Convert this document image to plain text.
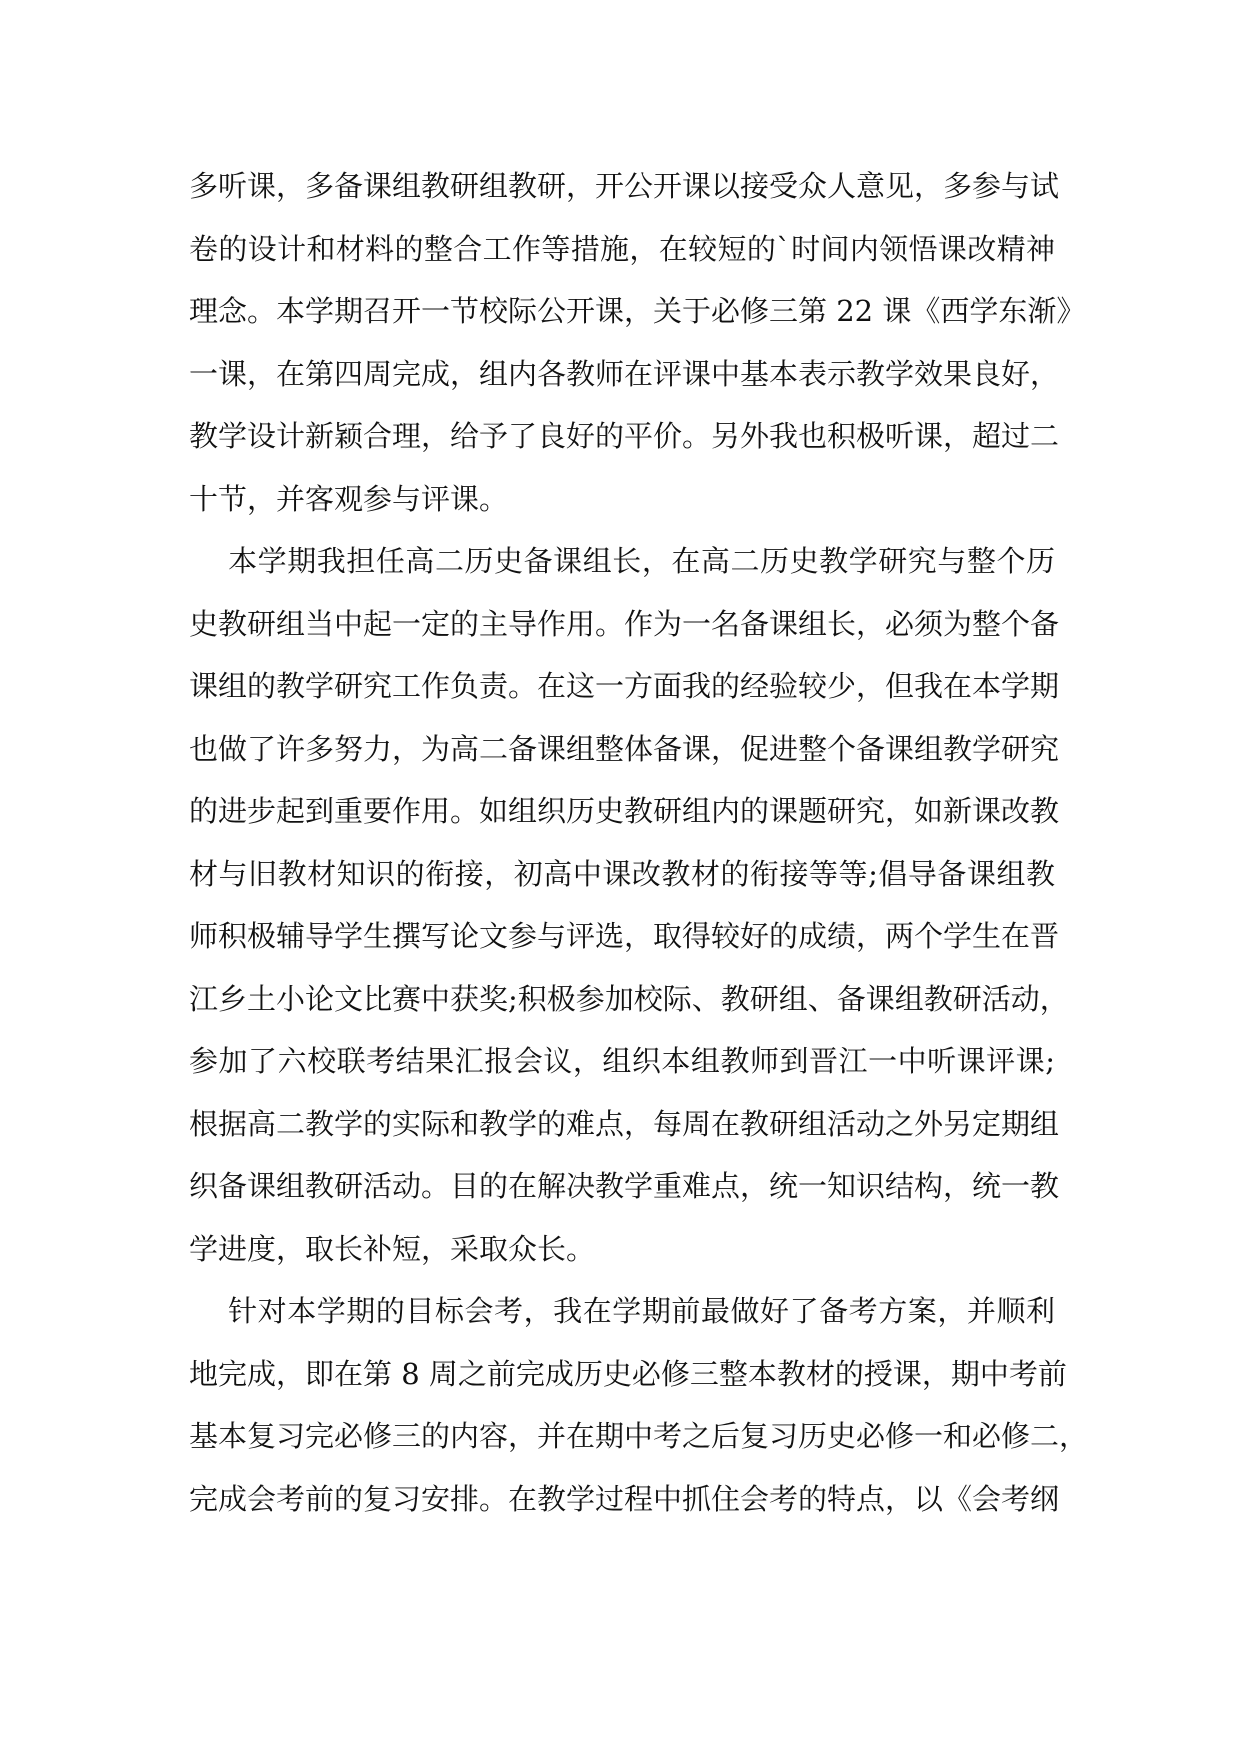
多听课，多备课组教研组教研，开公开课以接受众人意见，多参与试
卷的设计和材料的整合工作等措施，在较短的`时间内领悟课改精神
理念。本学期召开一节校际公开课，关于必修三第 22 课《西学东渐》
一课，在第四周完成，组内各教师在评课中基本表示教学效果良好，
教学设计新颖合理，给予了良好的平价。另外我也积极听课，超过二
十节，并客观参与评课。
本学期我担任高二历史备课组长，在高二历史教学研究与整个历
史教研组当中起一定的主导作用。作为一名备课组长，必须为整个备
课组的教学研究工作负责。在这一方面我的经验较少，但我在本学期
也做了许多努力，为高二备课组整体备课，促进整个备课组教学研究
的进步起到重要作用。如组织历史教研组内的课题研究，如新课改教
材与旧教材知识的衔接，初高中课改教材的衔接等等;倡导备课组教
师积极辅导学生撰写论文参与评选，取得较好的成绩，两个学生在晋
江乡土小论文比赛中获奖;积极参加校际、教研组、备课组教研活动，
参加了六校联考结果汇报会议，组织本组教师到晋江一中听课评课;
根据高二教学的实际和教学的难点，每周在教研组活动之外另定期组
织备课组教研活动。目的在解决教学重难点，统一知识结构，统一教
学进度，取长补短，采取众长。
针对本学期的目标会考，我在学期前最做好了备考方案，并顺利
地完成，即在第 8 周之前完成历史必修三整本教材的授课，期中考前
基本复习完必修三的内容，并在期中考之后复习历史必修一和必修二，
完成会考前的复习安排。在教学过程中抓住会考的特点，以《会考纲
